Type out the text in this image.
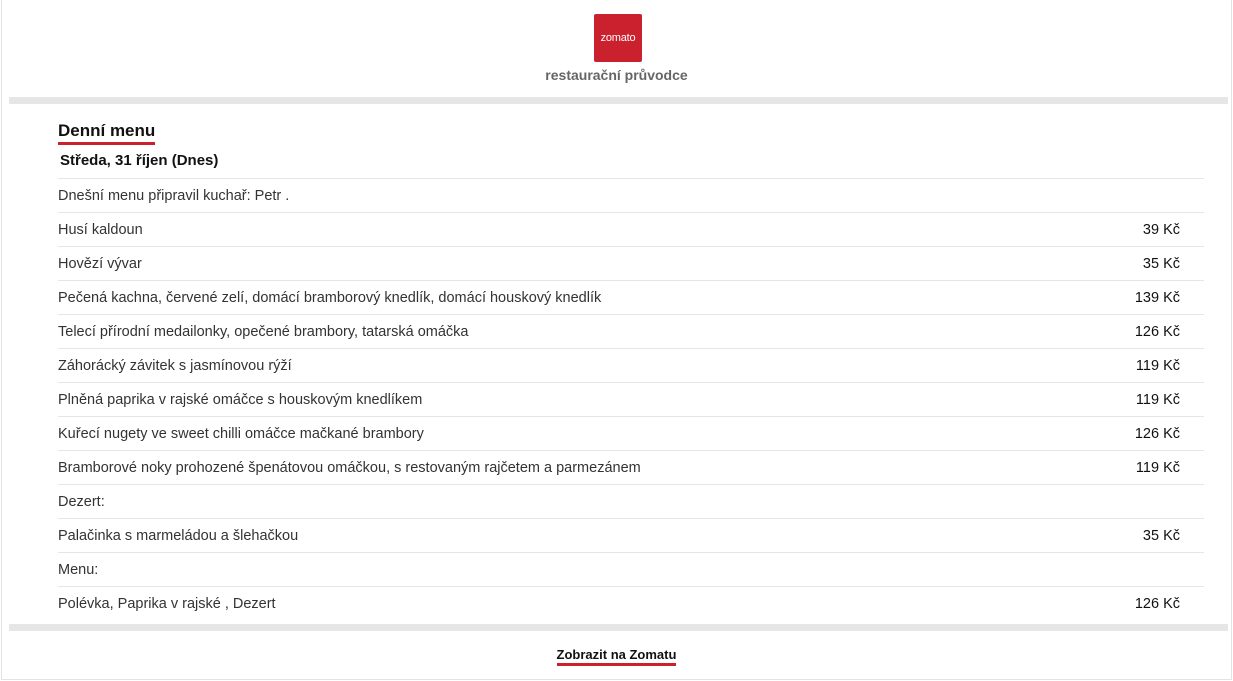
zomato
restaurační průvodce
Denní menu
Středa, 31 říjen (Dnes)
Dnešní menu připravil kuchař: Petr .
Husí kaldoun	39 Kč
Hovězí vývar	35 Kč
Pečená kachna, červené zelí, domácí bramborový knedlík, domácí houskový knedlík	139 Kč
Telecí přírodní medailonky, opečené brambory, tatarská omáčka	126 Kč
Záhorácký závitek s jasmínovou rýží	119 Kč
Plněná paprika v rajské omáčce s houskovým knedlíkem	119 Kč
Kuřecí nugety ve sweet chilli omáčce mačkané brambory	126 Kč
Bramborové noky prohozené špenátovou omáčkou, s restovaným rajčetem a parmezánem	119 Kč
Dezert:
Palačinka s marmeládou a šlehačkou	35 Kč
Menu:
Polévka, Paprika v rajské , Dezert	126 Kč
Zobrazit na Zomatu
